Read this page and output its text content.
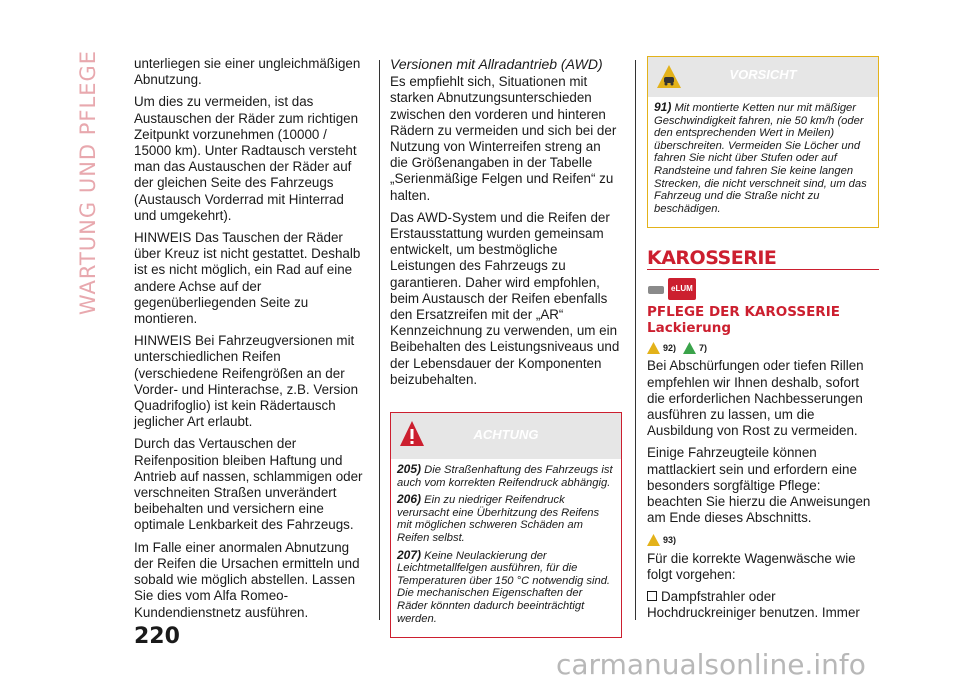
WARTUNG UND PFLEGE	unterliegen sie einer ungleichmäßigen Abnutzung.

Um dies zu vermeiden, ist das Austauschen der Räder zum richtigen Zeitpunkt vorzunehmen (10000 / 15000 km). Unter Radtausch versteht man das Austauschen der Räder auf der gleichen Seite des Fahrzeugs (Austausch Vorderrad mit Hinterrad und umgekehrt).

HINWEIS Das Tauschen der Räder über Kreuz ist nicht gestattet. Deshalb ist es nicht möglich, ein Rad auf eine andere Achse auf der gegenüberliegenden Seite zu montieren.

HINWEIS Bei Fahrzeugversionen mit unterschiedlichen Reifen (verschiedene Reifengrößen an der Vorder- und Hinterachse, z.B. Version Quadrifoglio) ist kein Rädertausch jeglicher Art erlaubt.

Durch das Vertauschen der Reifenposition bleiben Haftung und Antrieb auf nassen, schlammigen oder verschneiten Straßen unverändert beibehalten und versichern eine optimale Lenkbarkeit des Fahrzeugs.

Im Falle einer anormalen Abnutzung der Reifen die Ursachen ermitteln und sobald wie möglich abstellen. Lassen Sie dies vom Alfa Romeo-Kundendienstnetz ausführen.

Versionen mit Allradantrieb (AWD)

Es empfiehlt sich, Situationen mit starken Abnutzungsunterschieden zwischen den vorderen und hinteren Rädern zu vermeiden und sich bei der Nutzung von Winterreifen streng an die Größenangaben in der Tabelle „Serienmäßige Felgen und Reifen“ zu halten.

Das AWD-System und die Reifen der Erstausstattung wurden gemeinsam entwickelt, um bestmögliche Leistungen des Fahrzeugs zu garantieren. Daher wird empfohlen, beim Austausch der Reifen ebenfalls den Ersatzreifen mit der „AR“ Kennzeichnung zu verwenden, um ein Beibehalten des Leistungsniveaus und der Lebensdauer der Komponenten beizubehalten.

ACHTUNG

205) Die Straßenhaftung des Fahrzeugs ist auch vom korrekten Reifendruck abhängig.

206) Ein zu niedriger Reifendruck verursacht eine Überhitzung des Reifens mit möglichen schweren Schäden am Reifen selbst.

207) Keine Neulackierung der Leichtmetallfelgen ausführen, für die Temperaturen über 150 °C notwendig sind. Die mechanischen Eigenschaften der Räder könnten dadurch beeinträchtigt werden.

VORSICHT

91) Mit montierte Ketten nur mit mäßiger Geschwindigkeit fahren, nie 50 km/h (oder den entsprechenden Wert in Meilen) überschreiten. Vermeiden Sie Löcher und fahren Sie nicht über Stufen oder auf Randsteine und fahren Sie keine langen Strecken, die nicht verschneit sind, um das Fahrzeug und die Straße nicht zu beschädigen.

KAROSSERIE
eLUM
PFLEGE DER KAROSSERIE
Lackierung
92)	7)

Bei Abschürfungen oder tiefen Rillen empfehlen wir Ihnen deshalb, sofort die erforderlichen Nachbesserungen ausführen zu lassen, um die Ausbildung von Rost zu vermeiden.

Einige Fahrzeugteile können mattlackiert sein und erfordern eine besonders sorgfältige Pflege: beachten Sie hierzu die Anweisungen am Ende dieses Abschnitts.

93)

Für die korrekte Wagenwäsche wie folgt vorgehen:

Dampfstrahler oder Hochdruckreiniger benutzen. Immer

220
carmanualsonline.info
